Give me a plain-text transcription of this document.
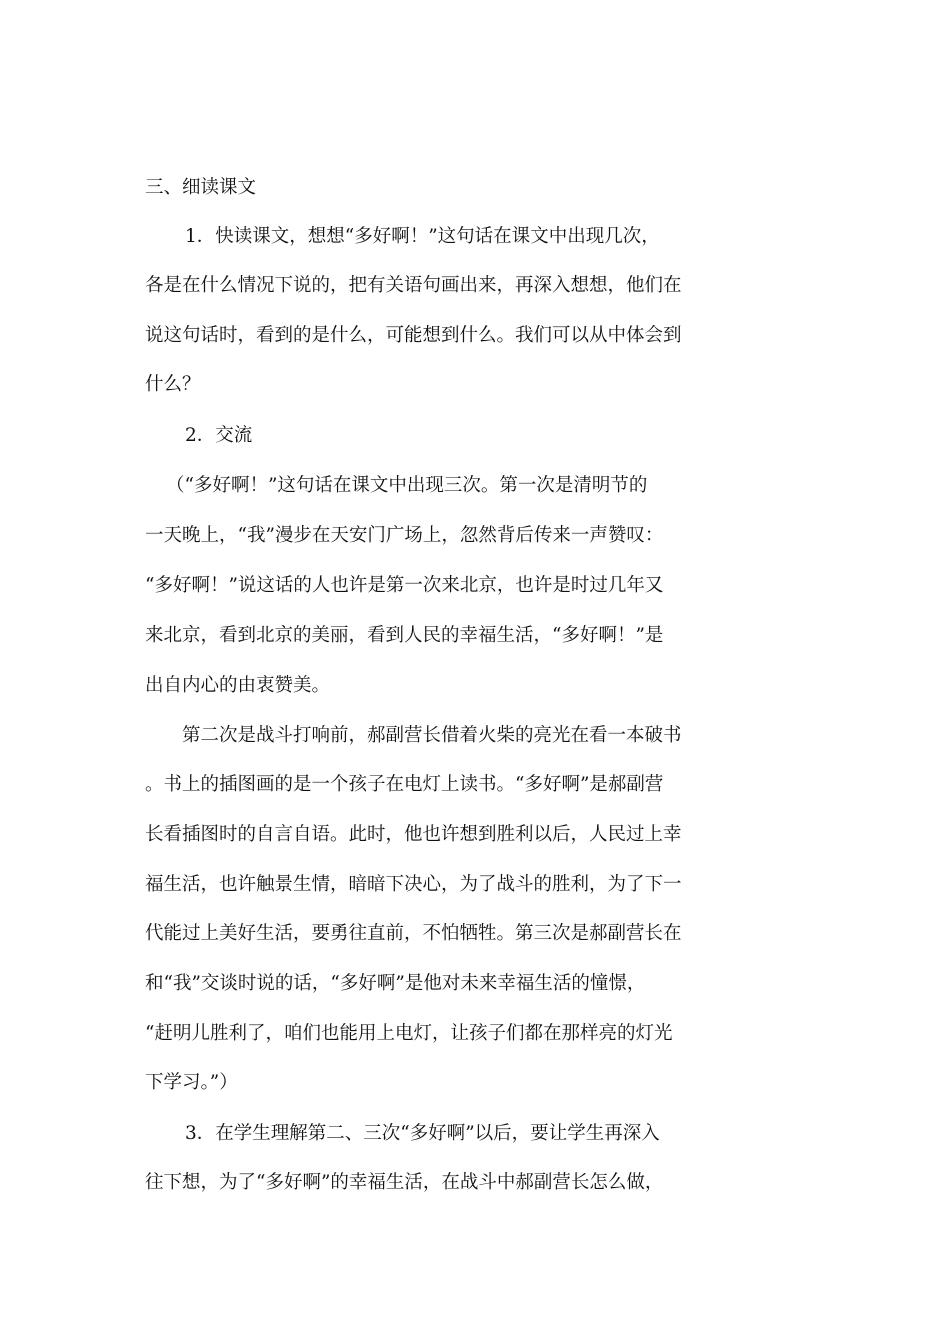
三、细读课文
　　1．快读课文，想想“多好啊！”这句话在课文中出现几次，
各是在什么情况下说的，把有关语句画出来，再深入想想，他们在
说这句话时，看到的是什么，可能想到什么。我们可以从中体会到
什么？
　　2．交流
（“多好啊！”这句话在课文中出现三次。第一次是清明节的
一天晚上，“我”漫步在天安门广场上，忽然背后传来一声赞叹：
“多好啊！”说这话的人也许是第一次来北京，也许是时过几年又
来北京，看到北京的美丽，看到人民的幸福生活，“多好啊！”是
出自内心的由衷赞美。
　　第二次是战斗打响前，郝副营长借着火柴的亮光在看一本破书
。书上的插图画的是一个孩子在电灯上读书。“多好啊”是郝副营
长看插图时的自言自语。此时，他也许想到胜利以后，人民过上幸
福生活，也许触景生情，暗暗下决心，为了战斗的胜利，为了下一
代能过上美好生活，要勇往直前，不怕牺牲。第三次是郝副营长在
和“我”交谈时说的话，“多好啊”是他对未来幸福生活的憧憬，
“赶明儿胜利了，咱们也能用上电灯，让孩子们都在那样亮的灯光
下学习。”）
　　3．在学生理解第二、三次“多好啊”以后，要让学生再深入
往下想，为了“多好啊”的幸福生活，在战斗中郝副营长怎么做，
